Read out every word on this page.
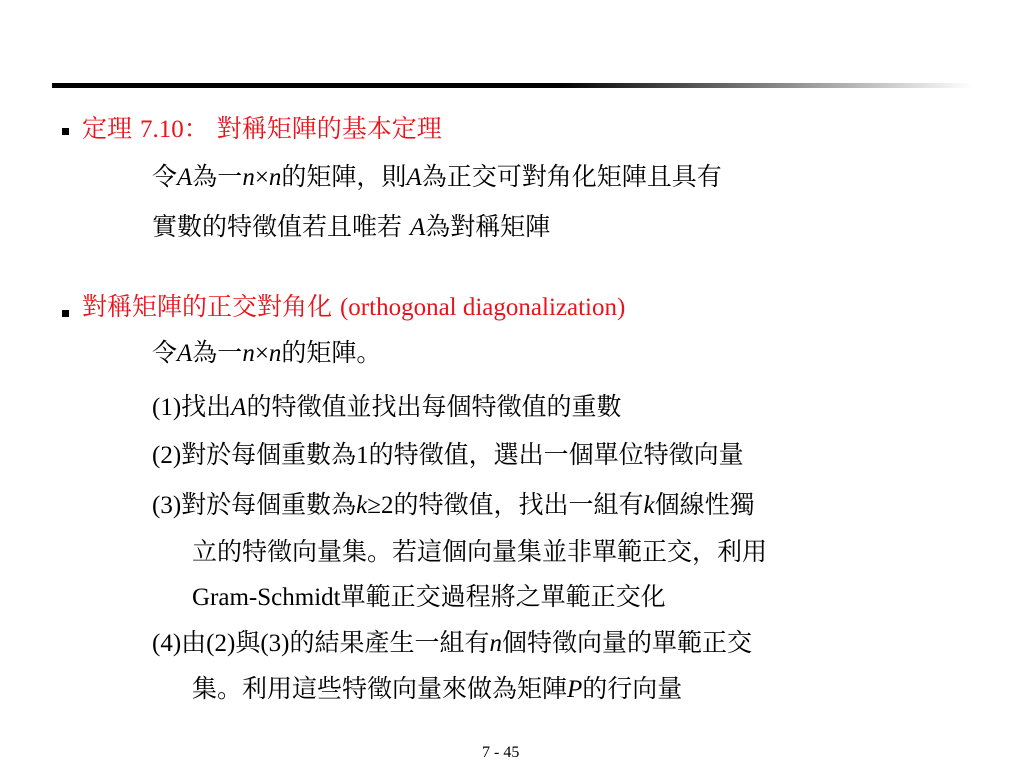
定理 7.10： 對稱矩陣的基本定理
令A為一n×n的矩陣，則A為正交可對角化矩陣且具有
實數的特徵值若且唯若 A為對稱矩陣
對稱矩陣的正交對角化 (orthogonal diagonalization)
令A為一n×n的矩陣。
(1)找出A的特徵值並找出每個特徵值的重數
(2)對於每個重數為1的特徵值，選出一個單位特徵向量
(3)對於每個重數為k≥2的特徵值，找出一組有k個線性獨
立的特徵向量集。若這個向量集並非單範正交，利用
Gram-Schmidt單範正交過程將之單範正交化
(4)由(2)與(3)的結果產生一組有n個特徵向量的單範正交
集。利用這些特徵向量來做為矩陣P的行向量
7 - 45
